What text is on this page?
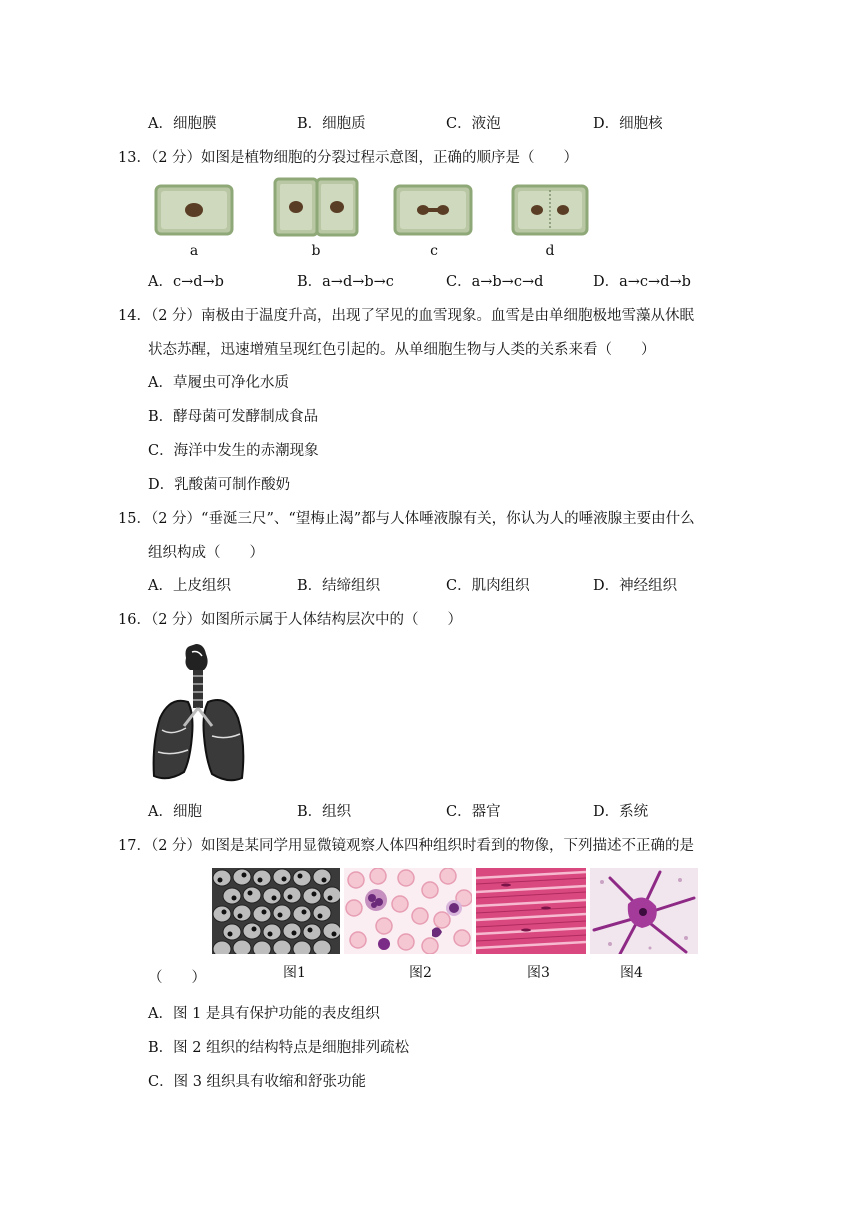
A．细胞膜	B．细胞质	C．液泡	D．细胞核
13．（2 分）如图是植物细胞的分裂过程示意图，正确的顺序是（　　）
a	b	c	d
A．c→d→b	B．a→d→b→c	C．a→b→c→d	D．a→c→d→b
14．（2 分）南极由于温度升高，出现了罕见的血雪现象。血雪是由单细胞极地雪藻从休眠
状态苏醒，迅速增殖呈现红色引起的。从单细胞生物与人类的关系来看（　　）
A．草履虫可净化水质
B．酵母菌可发酵制成食品
C．海洋中发生的赤潮现象
D．乳酸菌可制作酸奶
15．（2 分）“垂涎三尺”、“望梅止渴”都与人体唾液腺有关，你认为人的唾液腺主要由什么
组织构成（　　）
A．上皮组织	B．结缔组织	C．肌肉组织	D．神经组织
16．（2 分）如图所示属于人体结构层次中的（　　）
A．细胞	B．组织	C．器官	D．系统
17．（2 分）如图是某同学用显微镜观察人体四种组织时看到的物像，下列描述不正确的是
（　　）	图1	图2	图3	图4
A．图 1 是具有保护功能的表皮组织
B．图 2 组织的结构特点是细胞排列疏松
C．图 3 组织具有收缩和舒张功能
